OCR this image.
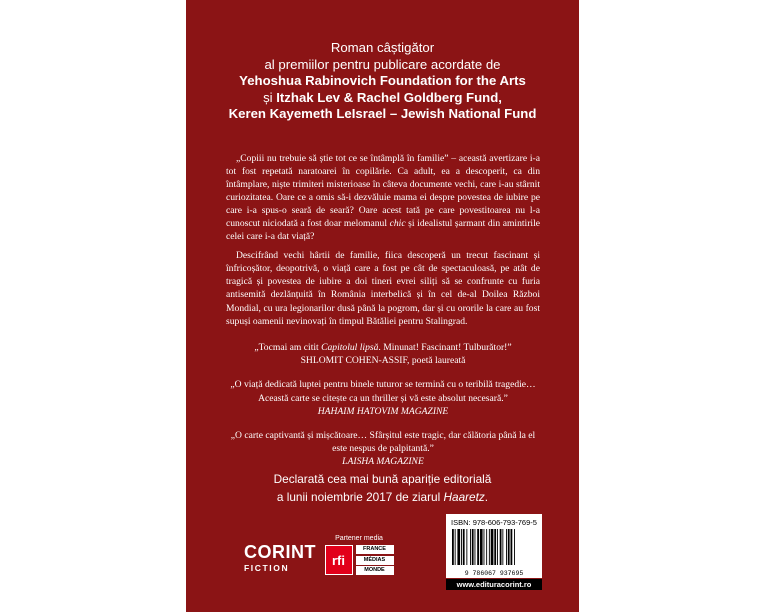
Roman câștigător
al premiilor pentru publicare acordate de
Yehoshua Rabinovich Foundation for the Arts
și Itzhak Lev & Rachel Goldberg Fund,
Keren Kayemeth LeIsrael – Jewish National Fund

„Copiii nu trebuie să știe tot ce se întâmplă în familie” – această avertizare i-a tot fost repetată naratoarei în copilărie. Ca adult, ea a descoperit, ca din întâmplare, niște trimiteri misterioase în câteva documente vechi, care i-au stârnit curiozitatea. Oare ce a omis să-i dezvăluie mama ei despre povestea de iubire pe care i-a spus-o seară de seară? Oare acest tată pe care povestitoarea nu l-a cunoscut niciodată a fost doar melomanul chic și idealistul șarmant din amintirile celei care i-a dat viață?

Descifrând vechi hârtii de familie, fiica descoperă un trecut fascinant și înfricoșător, deopotrivă, o viață care a fost pe cât de spectaculoasă, pe atât de tragică și povestea de iubire a doi tineri evrei siliți să se confrunte cu furia antisemită dezlănțuită în România interbelică și în cel de-al Doilea Război Mondial, cu ura legionarilor dusă până la pogrom, dar și cu ororile la care au fost supuși oamenii nevinovați în timpul Bătăliei pentru Stalingrad.

„Tocmai am citit Capitolul lipsă. Minunat! Fascinant! Tulburător!”
SHLOMIT COHEN-ASSIF, poetă laureată
„O viață dedicată luptei pentru binele tuturor se termină cu o teribilă tragedie… Această carte se citește ca un thriller și vă este absolut necesară.”
HAHAIM HATOVIM MAGAZINE
„O carte captivantă și mișcătoare… Sfârșitul este tragic, dar călătoria până la el este nespus de palpitantă.”
LAISHA MAGAZINE
Declarată cea mai bună apariție editorială
a lunii noiembrie 2017 de ziarul Haaretz.
CORINT
FICTION
Partener media
rfi
FRANCE
MÉDIAS
MONDE
ISBN: 978-606-793-769-5
9 786067 937695
www.edituracorint.ro
